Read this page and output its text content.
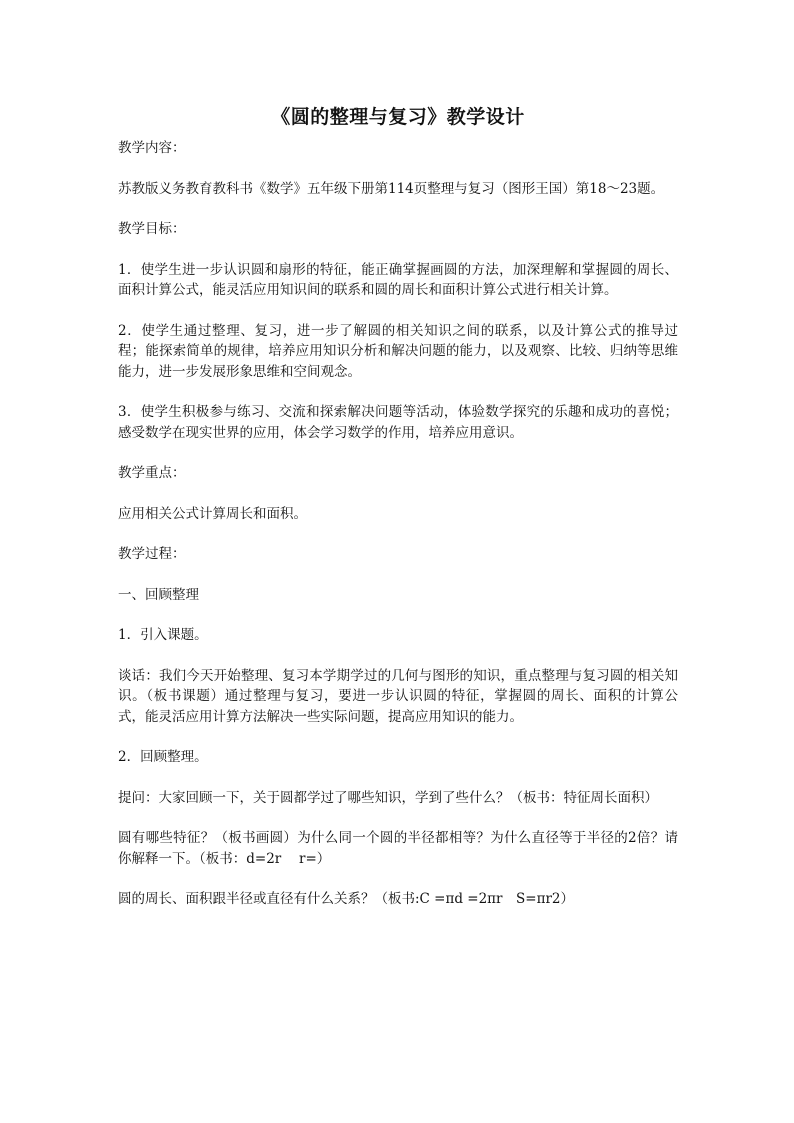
《圆的整理与复习》教学设计

教学内容：

苏教版义务教育教科书《数学》五年级下册第114页整理与复习（图形王国）第18～23题。

教学目标：

1．使学生进一步认识圆和扇形的特征，能正确掌握画圆的方法，加深理解和掌握圆的周长、面积计算公式，能灵活应用知识间的联系和圆的周长和面积计算公式进行相关计算。

2．使学生通过整理、复习，进一步了解圆的相关知识之间的联系，以及计算公式的推导过程；能探索简单的规律，培养应用知识分析和解决问题的能力，以及观察、比较、归纳等思维能力，进一步发展形象思维和空间观念。

3．使学生积极参与练习、交流和探索解决问题等活动，体验数学探究的乐趣和成功的喜悦；感受数学在现实世界的应用，体会学习数学的作用，培养应用意识。

教学重点：

应用相关公式计算周长和面积。

教学过程：

一、回顾整理

1．引入课题。

谈话：我们今天开始整理、复习本学期学过的几何与图形的知识，重点整理与复习圆的相关知识。（板书课题）通过整理与复习，要进一步认识圆的特征，掌握圆的周长、面积的计算公式，能灵活应用计算方法解决一些实际问题，提高应用知识的能力。

2．回顾整理。

提问：大家回顾一下，关于圆都学过了哪些知识，学到了些什么？（板书：特征周长面积）

圆有哪些特征？（板书画圆）为什么同一个圆的半径都相等？为什么直径等于半径的2倍？请你解释一下。（板书：d=2r　 r=）

圆的周长、面积跟半径或直径有什么关系？（板书:C =πd =2πr　S=πr2）
